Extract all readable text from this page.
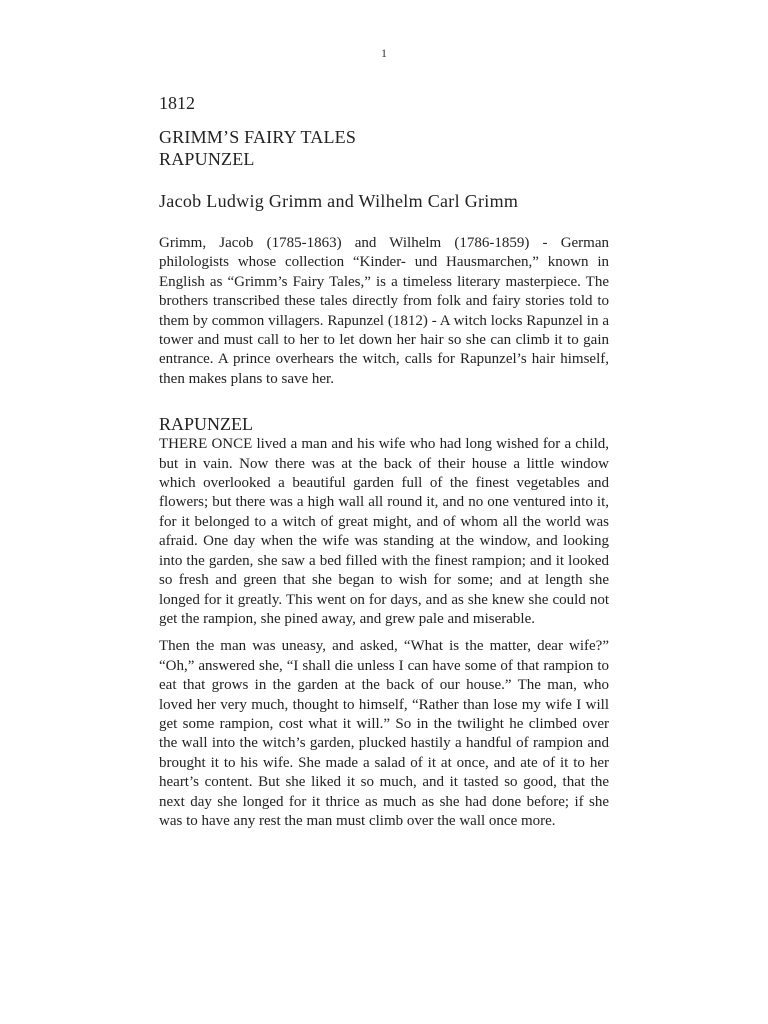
1
1812
GRIMM’S FAIRY TALES
RAPUNZEL
Jacob Ludwig Grimm and Wilhelm Carl Grimm

Grimm, Jacob (1785-1863) and Wilhelm (1786-1859) - German philologists whose collection “Kinder- und Hausmarchen,” known in English as “Grimm’s Fairy Tales,” is a timeless literary masterpiece. The brothers transcribed these tales directly from folk and fairy stories told to them by common villagers. Rapunzel (1812) - A witch locks Rapunzel in a tower and must call to her to let down her hair so she can climb it to gain entrance. A prince overhears the witch, calls for Rapunzel’s hair himself, then makes plans to save her.

RAPUNZEL

THERE ONCE lived a man and his wife who had long wished for a child, but in vain. Now there was at the back of their house a little window which overlooked a beautiful garden full of the finest vegetables and flowers; but there was a high wall all round it, and no one ventured into it, for it belonged to a witch of great might, and of whom all the world was afraid. One day when the wife was standing at the window, and looking into the garden, she saw a bed filled with the finest rampion; and it looked so fresh and green that she began to wish for some; and at length she longed for it greatly. This went on for days, and as she knew she could not get the rampion, she pined away, and grew pale and miserable.

Then the man was uneasy, and asked, “What is the matter, dear wife?” “Oh,” answered she, “I shall die unless I can have some of that rampion to eat that grows in the garden at the back of our house.” The man, who loved her very much, thought to himself, “Rather than lose my wife I will get some rampion, cost what it will.” So in the twilight he climbed over the wall into the witch’s garden, plucked hastily a handful of rampion and brought it to his wife. She made a salad of it at once, and ate of it to her heart’s content. But she liked it so much, and it tasted so good, that the next day she longed for it thrice as much as she had done before; if she was to have any rest the man must climb over the wall once more.
